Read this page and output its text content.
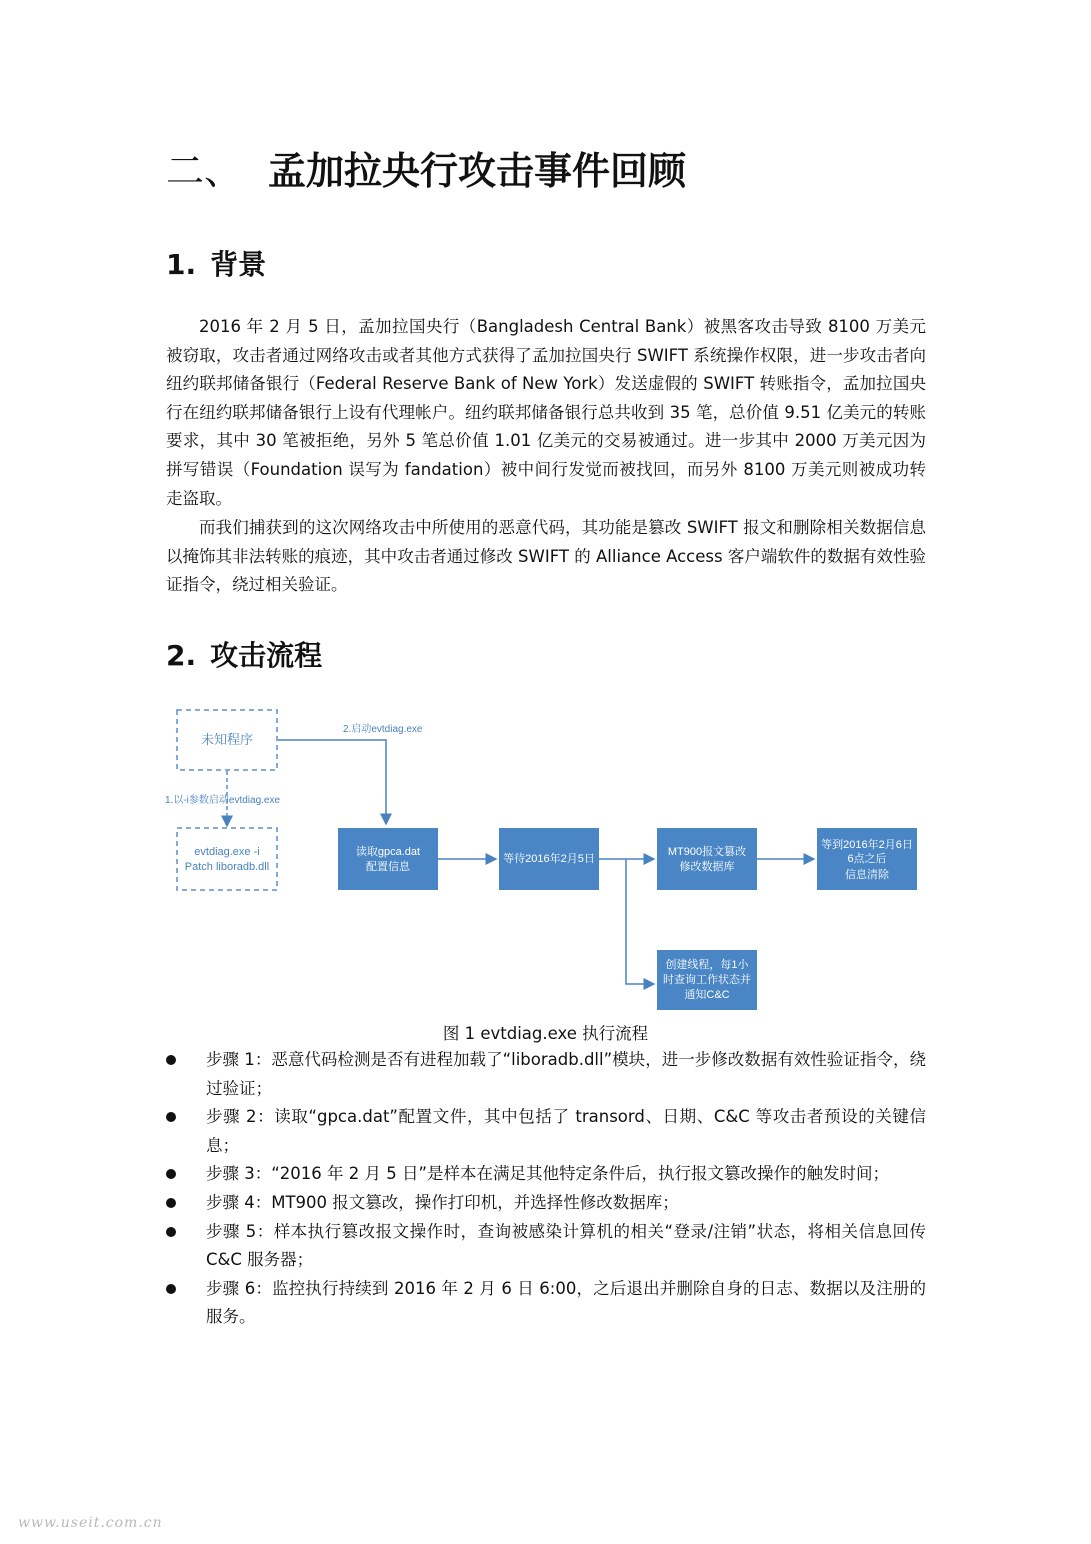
二、 孟加拉央行攻击事件回顾
1. 背景

2016 年 2 月 5 日，孟加拉国央行（Bangladesh Central Bank）被黑客攻击导致 8100 万美元被窃取，攻击者通过网络攻击或者其他方式获得了孟加拉国央行 SWIFT 系统操作权限，进一步攻击者向纽约联邦储备银行（Federal Reserve Bank of New York）发送虚假的 SWIFT 转账指令，孟加拉国央行在纽约联邦储备银行上设有代理帐户。纽约联邦储备银行总共收到 35 笔，总价值 9.51 亿美元的转账要求，其中 30 笔被拒绝，另外 5 笔总价值 1.01 亿美元的交易被通过。进一步其中 2000 万美元因为拼写错误（Foundation 误写为 fandation）被中间行发觉而被找回，而另外 8100 万美元则被成功转走盗取。

而我们捕获到的这次网络攻击中所使用的恶意代码，其功能是篡改 SWIFT 报文和删除相关数据信息以掩饰其非法转账的痕迹，其中攻击者通过修改 SWIFT 的 Alliance Access 客户端软件的数据有效性验证指令，绕过相关验证。

2. 攻击流程
未知程序
evtdiag.exe -i
Patch liboradb.dll
1.以-i参数启动evtdiag.exe
2.启动evtdiag.exe
读取gpca.dat
配置信息
等待2016年2月5日
MT900报文篡改
修改数据库
等到2016年2月6日
6点之后
信息清除
创建线程，每1小
时查询工作状态并
通知C&C
图 1 evtdiag.exe 执行流程
步骤 1：恶意代码检测是否有进程加载了“liboradb.dll”模块，进一步修改数据有效性验证指令，绕过验证；
步骤 2：读取“gpca.dat”配置文件，其中包括了 transord、日期、C&C 等攻击者预设的关键信息；
步骤 3：“2016 年 2 月 5 日”是样本在满足其他特定条件后，执行报文篡改操作的触发时间；
步骤 4：MT900 报文篡改，操作打印机，并选择性修改数据库；
步骤 5：样本执行篡改报文操作时，查询被感染计算机的相关“登录/注销”状态，将相关信息回传 C&C 服务器；
步骤 6：监控执行持续到 2016 年 2 月 6 日 6:00，之后退出并删除自身的日志、数据以及注册的服务。
www.useit.com.cn
